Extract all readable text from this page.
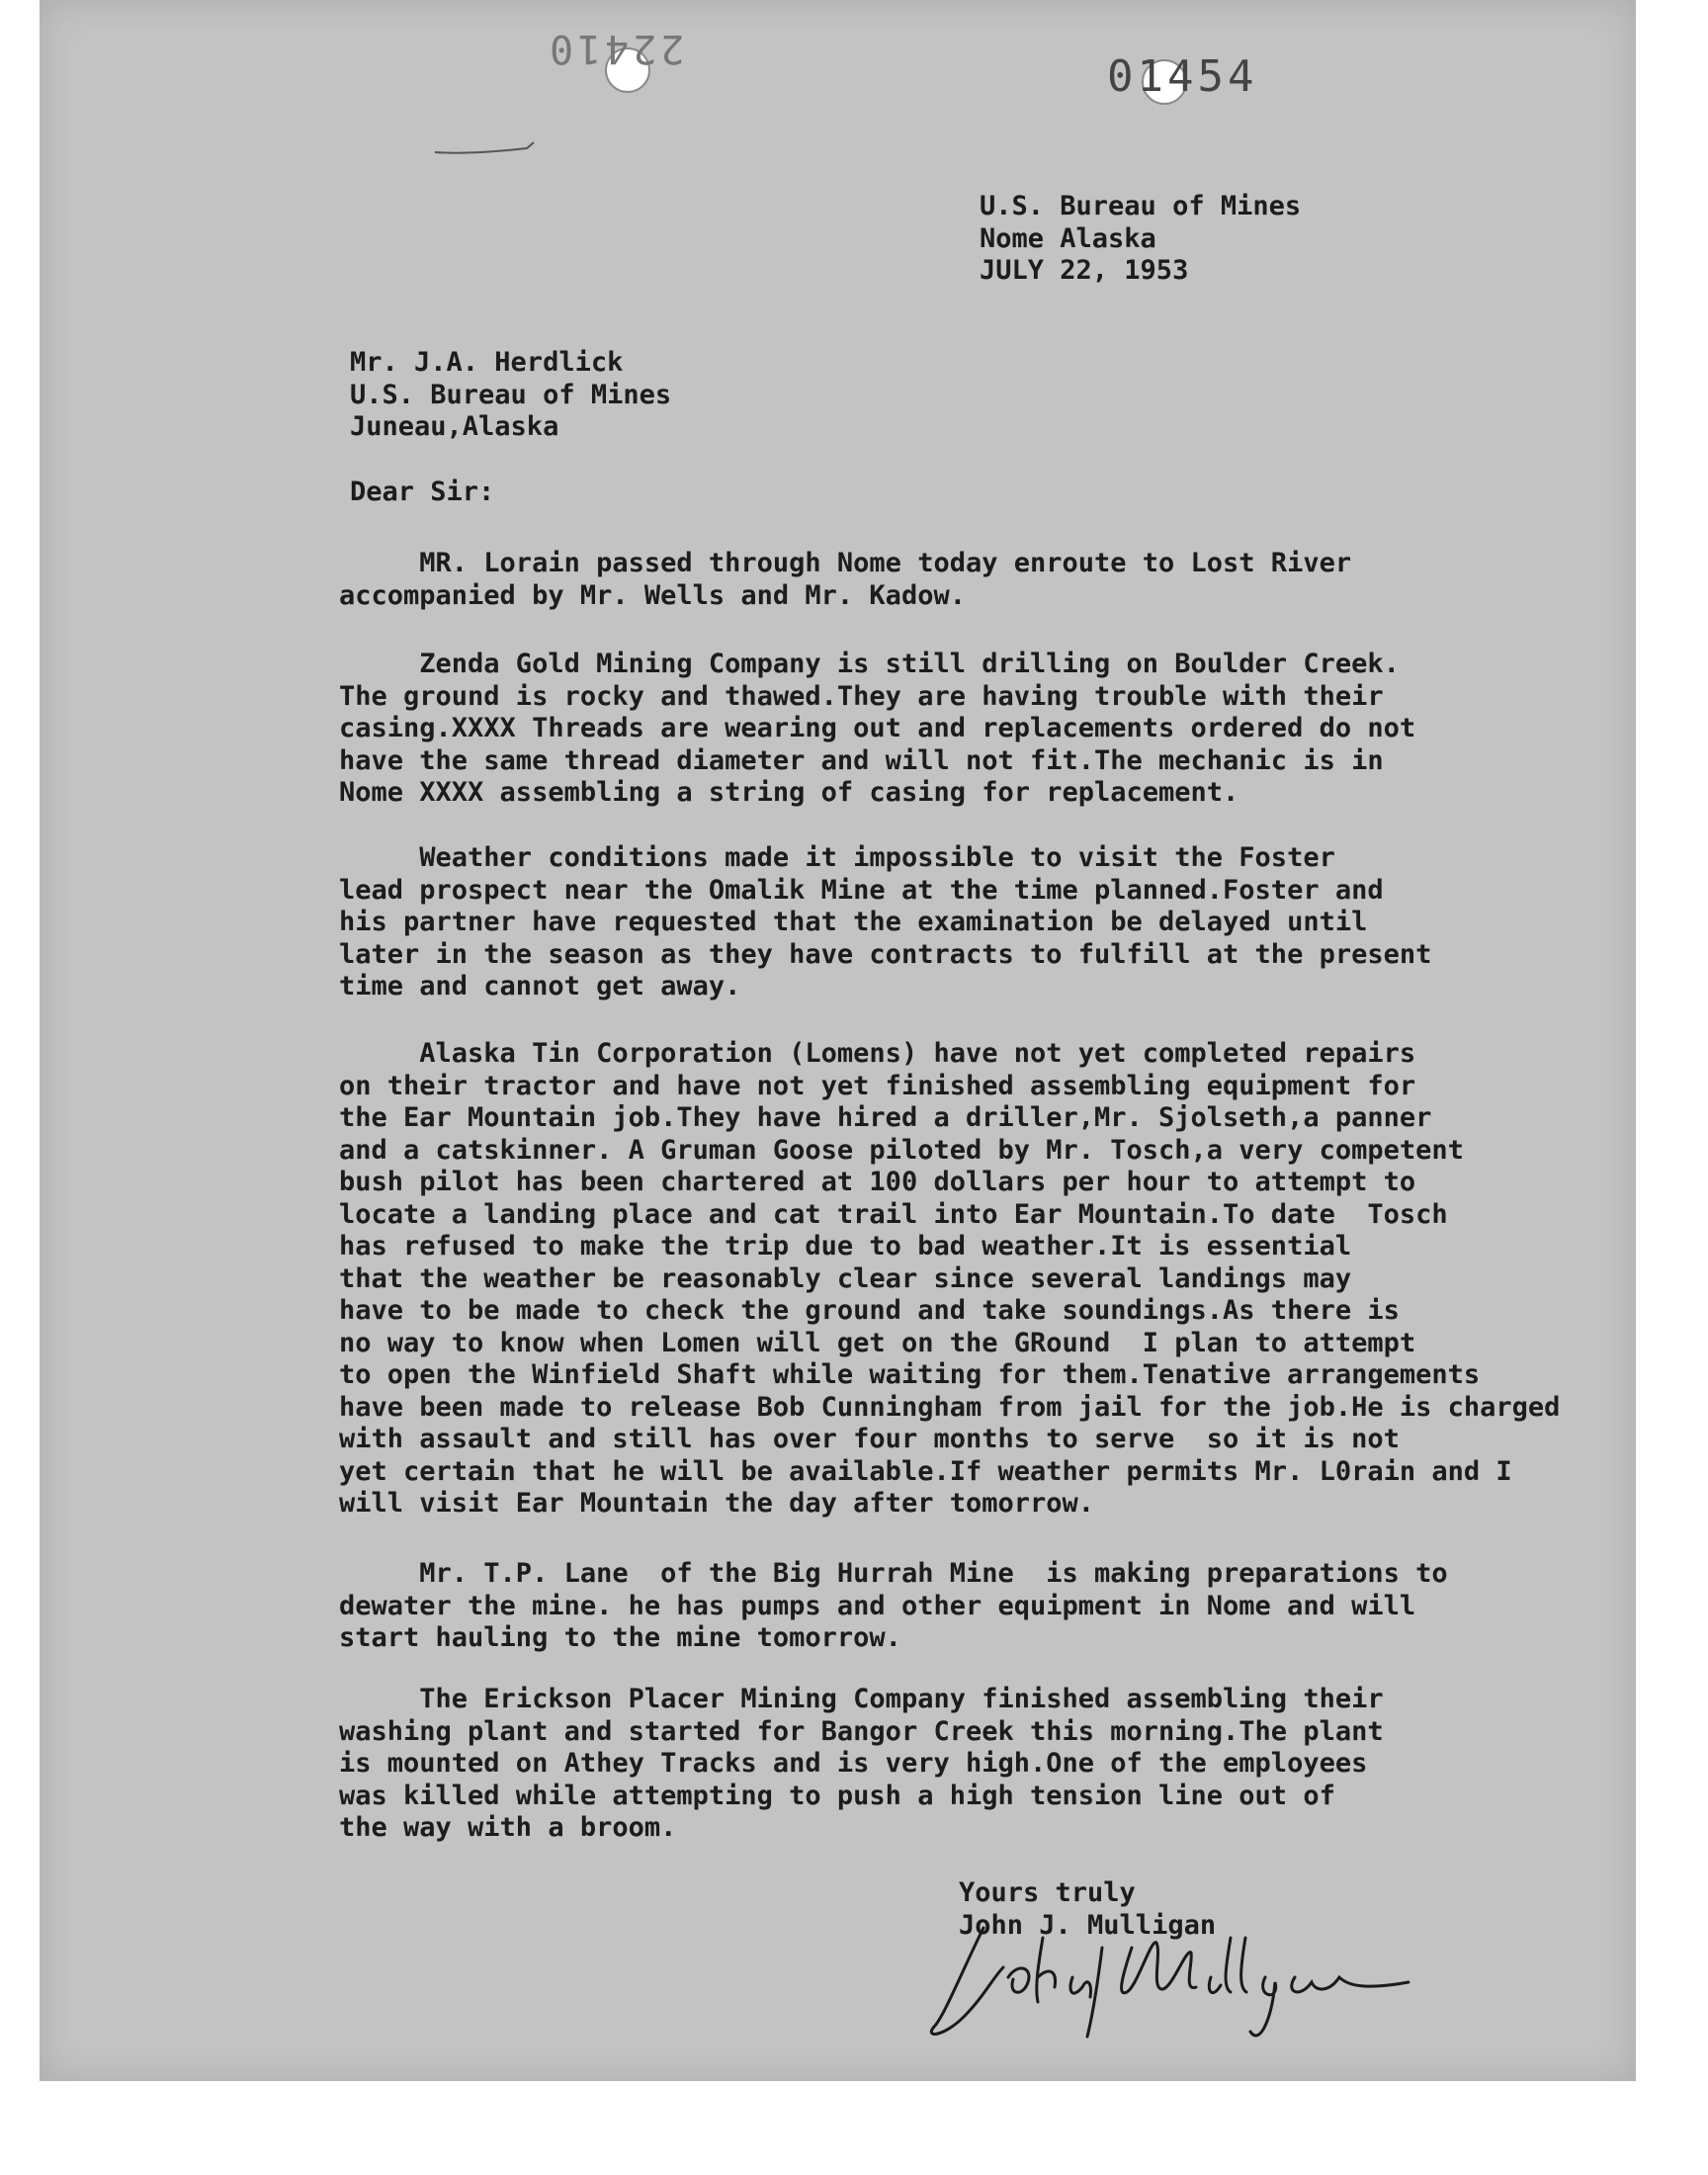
22410
01454
U.S. Bureau of Mines
Nome Alaska
JULY 22, 1953
Mr. J.A. Herdlick
U.S. Bureau of Mines
Juneau,Alaska
Dear Sir:
MR. Lorain passed through Nome today enroute to Lost River
accompanied by Mr. Wells and Mr. Kadow.
Zenda Gold Mining Company is still drilling on Boulder Creek.
The ground is rocky and thawed.They are having trouble with their
casing.XXXX Threads are wearing out and replacements ordered do not
have the same thread diameter and will not fit.The mechanic is in
Nome XXXX assembling a string of casing for replacement.
Weather conditions made it impossible to visit the Foster
lead prospect near the Omalik Mine at the time planned.Foster and
his partner have requested that the examination be delayed until
later in the season as they have contracts to fulfill at the present
time and cannot get away.
Alaska Tin Corporation (Lomens) have not yet completed repairs
on their tractor and have not yet finished assembling equipment for
the Ear Mountain job.They have hired a driller,Mr. Sjolseth,a panner
and a catskinner. A Gruman Goose piloted by Mr. Tosch,a very competent
bush pilot has been chartered at 100 dollars per hour to attempt to
locate a landing place and cat trail into Ear Mountain.To date  Tosch
has refused to make the trip due to bad weather.It is essential
that the weather be reasonably clear since several landings may
have to be made to check the ground and take soundings.As there is
no way to know when Lomen will get on the GRound  I plan to attempt
to open the Winfield Shaft while waiting for them.Tenative arrangements
have been made to release Bob Cunningham from jail for the job.He is charged
with assault and still has over four months to serve  so it is not
yet certain that he will be available.If weather permits Mr. L0rain and I
will visit Ear Mountain the day after tomorrow.
Mr. T.P. Lane  of the Big Hurrah Mine  is making preparations to
dewater the mine. he has pumps and other equipment in Nome and will
start hauling to the mine tomorrow.
The Erickson Placer Mining Company finished assembling their
washing plant and started for Bangor Creek this morning.The plant
is mounted on Athey Tracks and is very high.One of the employees
was killed while attempting to push a high tension line out of
the way with a broom.
Yours truly
John J. Mulligan
